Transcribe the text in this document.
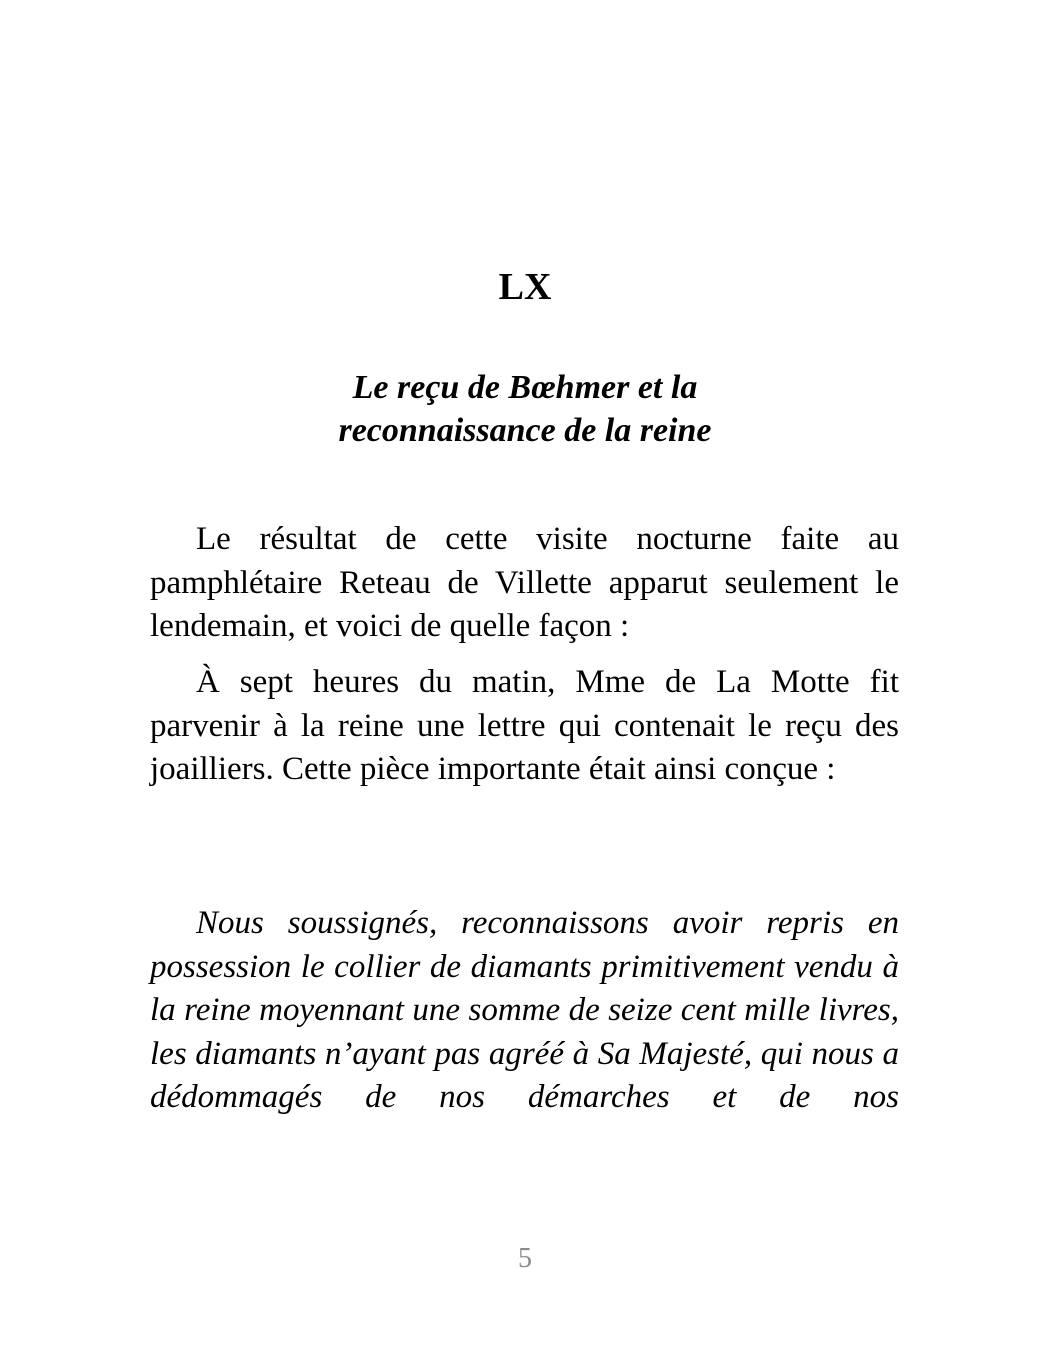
LX
Le reçu de Bœhmer et la
reconnaissance de la reine

Le résultat de cette visite nocturne faite au pamphlétaire Reteau de Villette apparut seulement le lendemain, et voici de quelle façon :

À sept heures du matin, Mme de La Motte fit parvenir à la reine une lettre qui contenait le reçu des joailliers. Cette pièce importante était ainsi conçue :

Nous soussignés, reconnaissons avoir repris en possession le collier de diamants primitivement vendu à la reine moyennant une somme de seize cent mille livres, les diamants n’ayant pas agréé à Sa Majesté, qui nous a dédommagés de nos démarches et de nos

5
